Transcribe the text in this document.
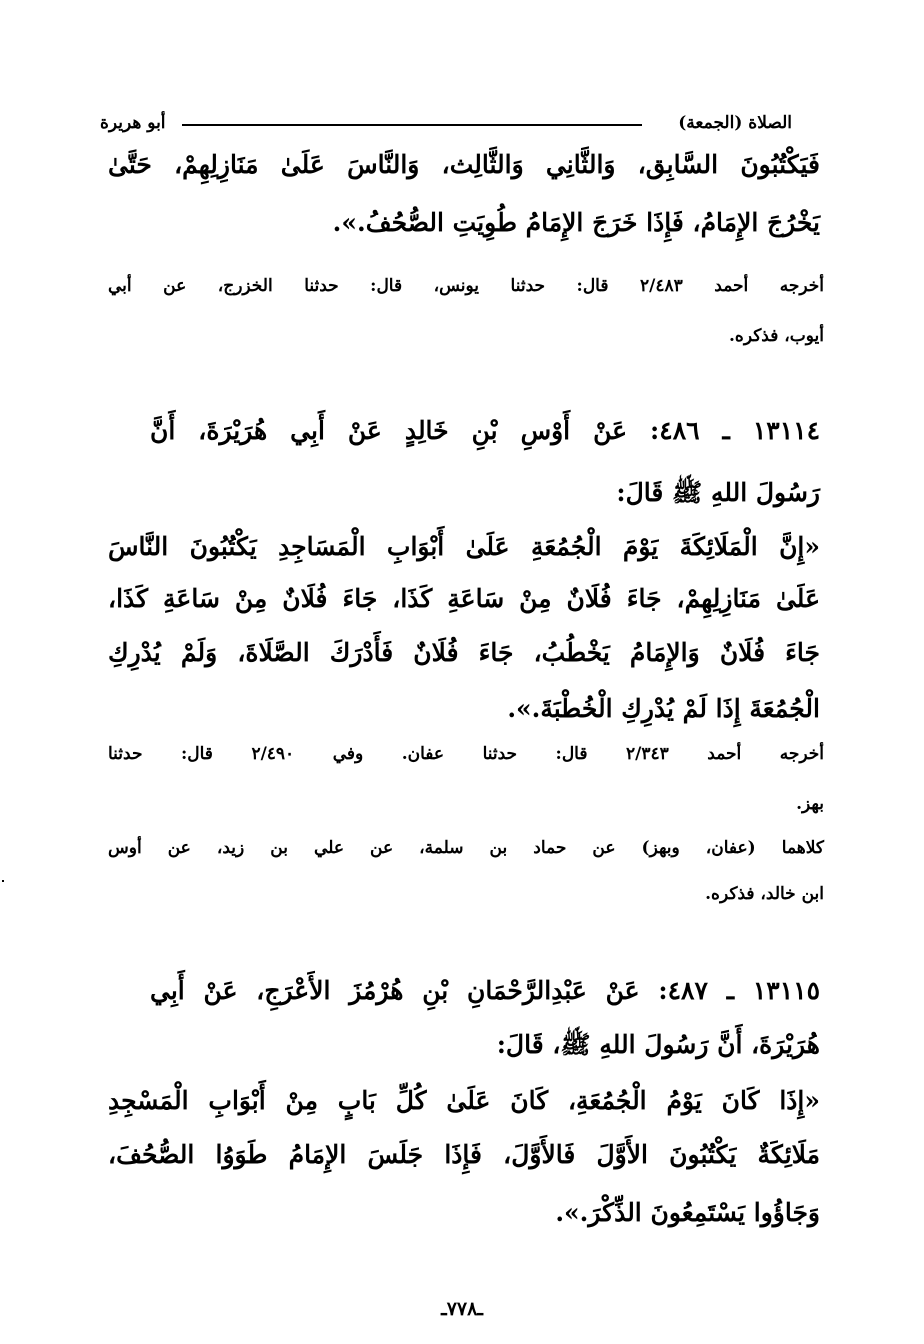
الصلاة (الجمعة)
أبو هريرة
فَيَكْتُبُونَ السَّابِق، وَالثَّانِي وَالثَّالِث، وَالنَّاسَ عَلَىٰ مَنَازِلِهِمْ، حَتَّىٰ
يَخْرُجَ الإِمَامُ، فَإِذَا خَرَجَ الإِمَامُ طُوِيَتِ الصُّحُفُ.».
أخرجه أحمد ٢/٤٨٣ قال: حدثنا يونس، قال: حدثنا الخزرج، عن أبي
أيوب، فذكره.
١٣١١٤ ـ ٤٨٦: عَنْ أَوْسِ بْنِ خَالِدٍ عَنْ أَبِي هُرَيْرَةَ، أَنَّ
رَسُولَ اللهِ ﷺ قَالَ:
«إِنَّ الْمَلَائِكَةَ يَوْمَ الْجُمُعَةِ عَلَىٰ أَبْوَابِ الْمَسَاجِدِ يَكْتُبُونَ النَّاسَ
عَلَىٰ مَنَازِلِهِمْ، جَاءَ فُلَانٌ مِنْ سَاعَةِ كَذَا، جَاءَ فُلَانٌ مِنْ سَاعَةِ كَذَا،
جَاءَ فُلَانٌ وَالإِمَامُ يَخْطُبُ، جَاءَ فُلَانٌ فَأَدْرَكَ الصَّلَاةَ، وَلَمْ يُدْرِكِ
الْجُمُعَةَ إِذَا لَمْ يُدْرِكِ الْخُطْبَةَ.».
أخرجه أحمد ٢/٣٤٣ قال: حدثنا عفان. وفي ٢/٤٩٠ قال: حدثنا
بهز.
كلاهما (عفان، وبهز) عن حماد بن سلمة، عن علي بن زيد، عن أوس
ابن خالد، فذكره.
١٣١١٥ ـ ٤٨٧: عَنْ عَبْدِالرَّحْمَانِ بْنِ هُرْمُزَ الأَعْرَجِ، عَنْ أَبِي
هُرَيْرَةَ، أَنَّ رَسُولَ اللهِ ﷺ، قَالَ:
«إِذَا كَانَ يَوْمُ الْجُمُعَةِ، كَانَ عَلَىٰ كُلِّ بَابٍ مِنْ أَبْوَابِ الْمَسْجِدِ
مَلَائِكَةٌ يَكْتُبُونَ الأَوَّلَ فَالأَوَّلَ، فَإِذَا جَلَسَ الإِمَامُ طَوَوُا الصُّحُفَ،
وَجَاؤُوا يَسْتَمِعُونَ الذِّكْرَ.».
ـ٧٧٨ـ
